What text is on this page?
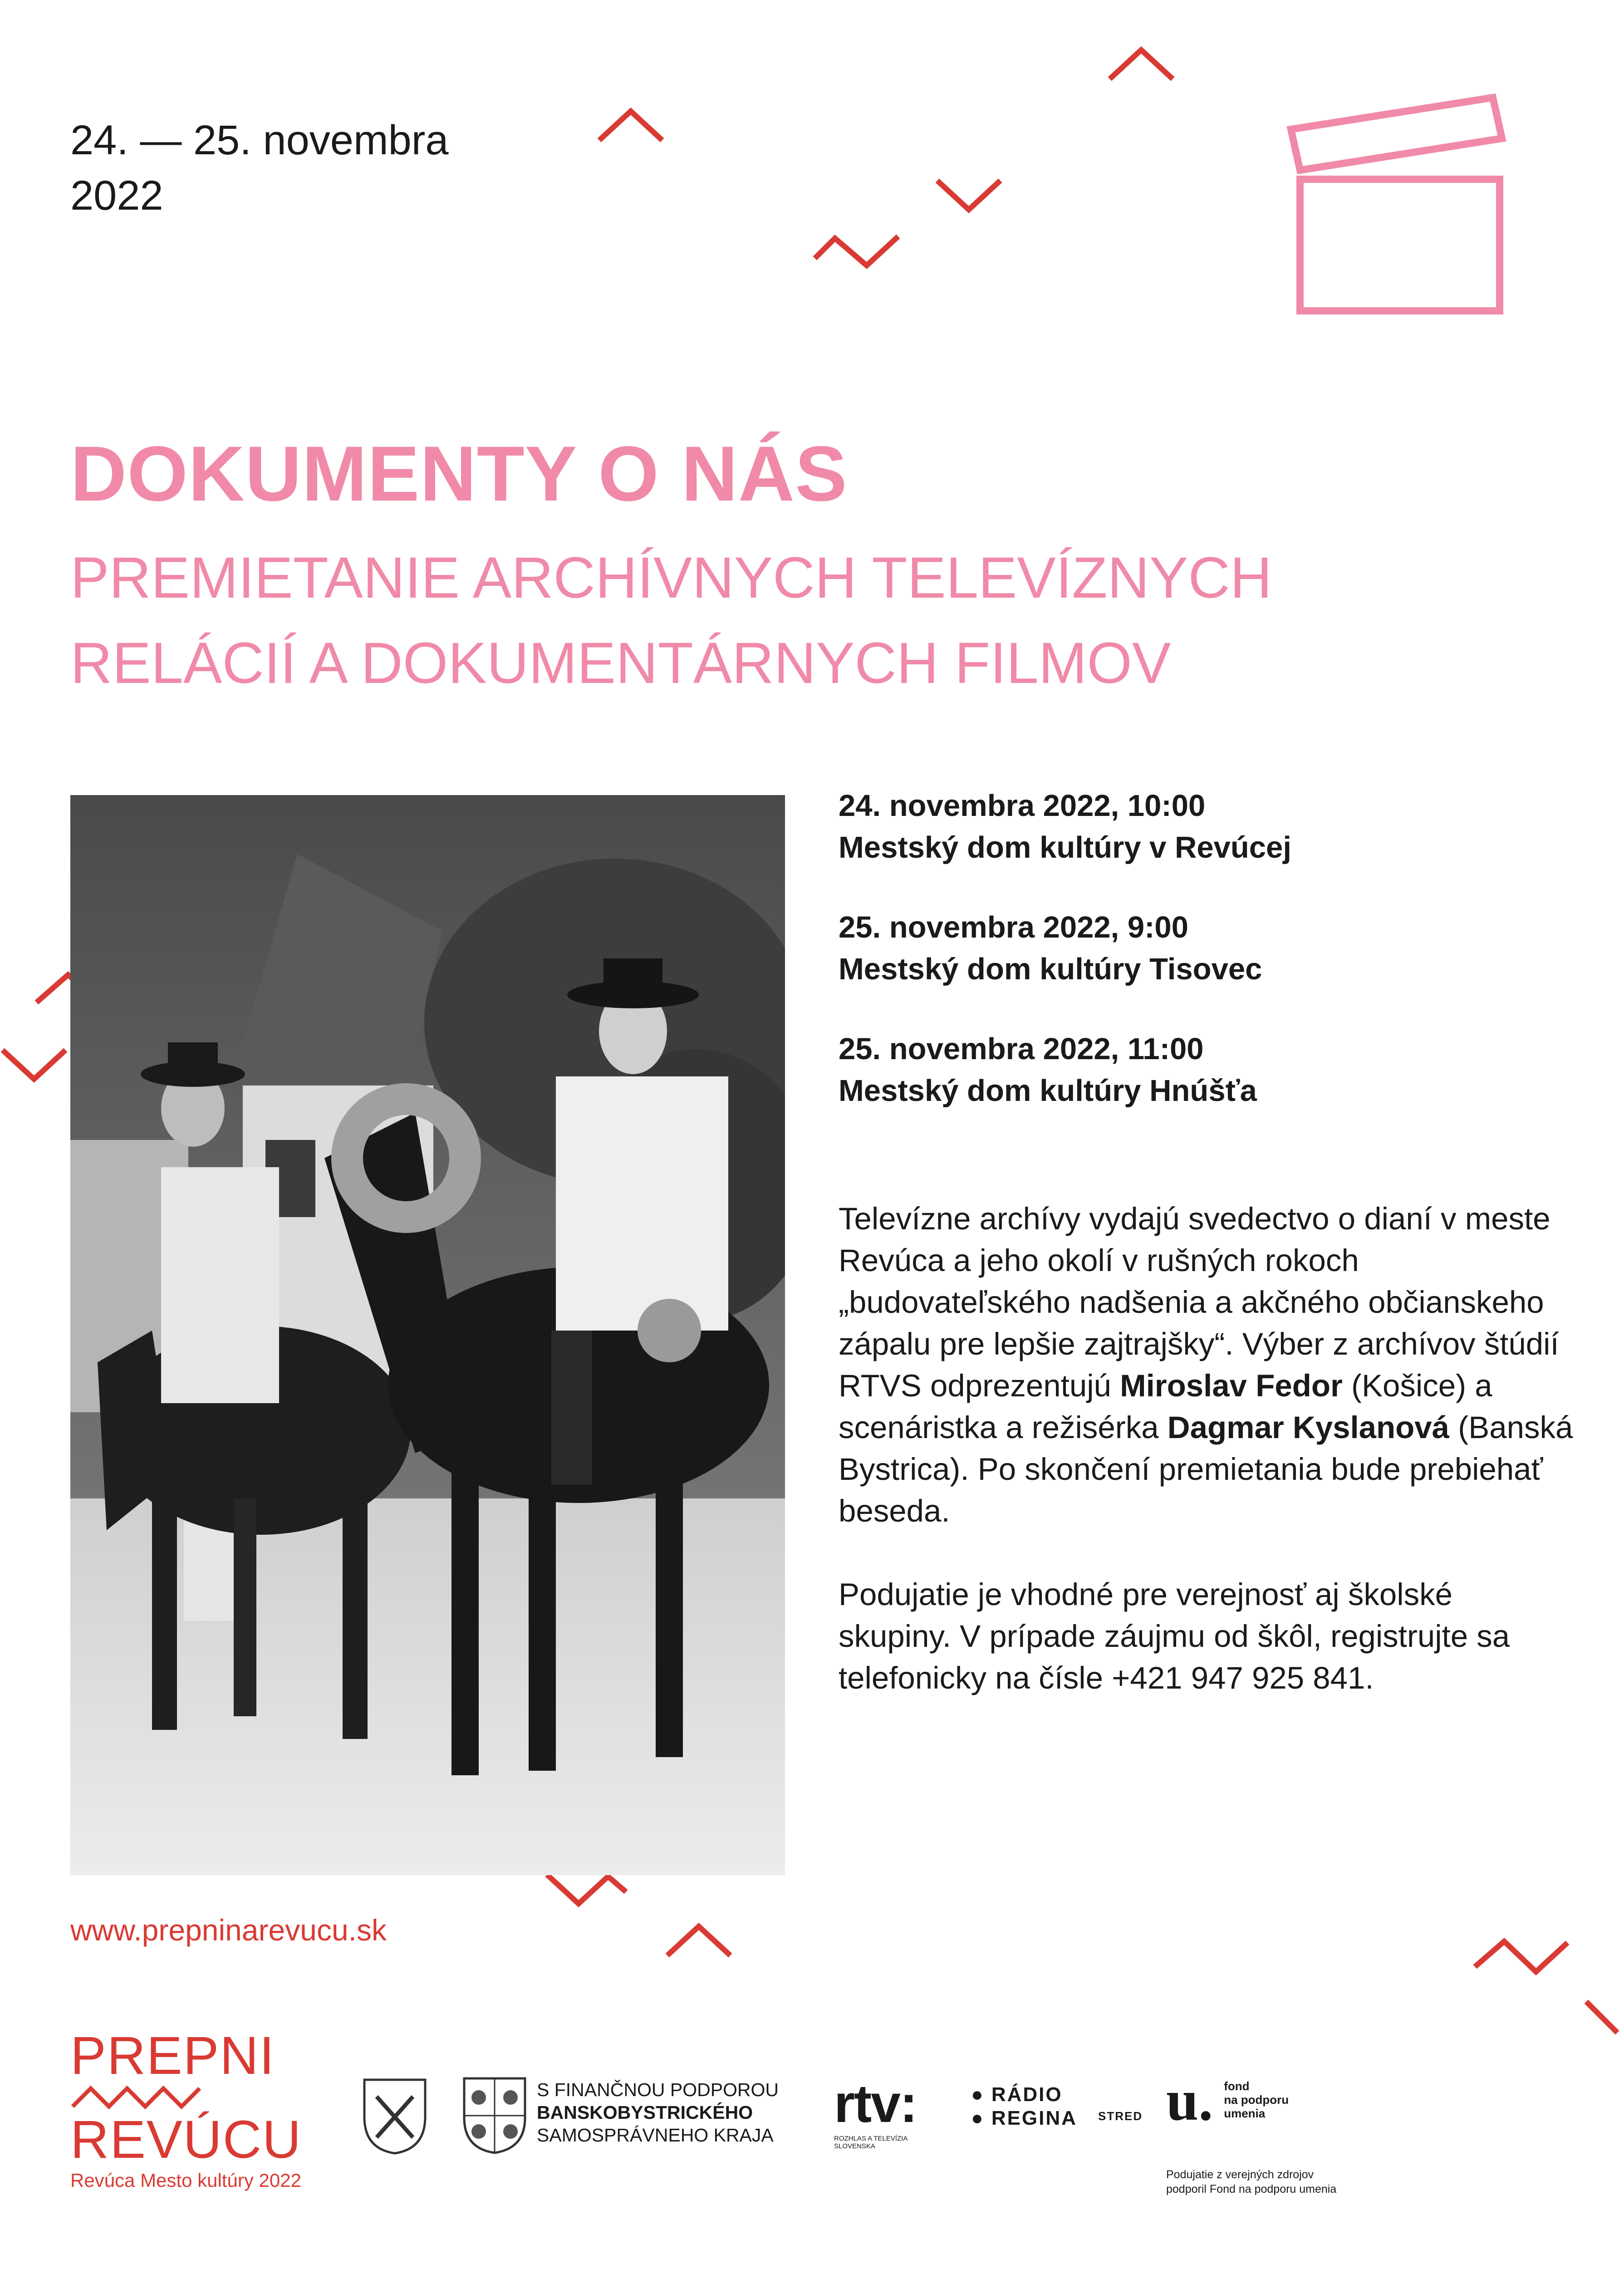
24. — 25. novembra
2022
DOKUMENTY O NÁS
PREMIETANIE ARCHÍVNYCH TELEVÍZNYCH
RELÁCIÍ A DOKUMENTÁRNYCH FILMOV
24. novembra 2022, 10:00
Mestský dom kultúry v Revúcej
25. novembra 2022, 9:00
Mestský dom kultúry Tisovec
25. novembra 2022, 11:00
Mestský dom kultúry Hnúšťa

Televízne archívy vydajú svedectvo o dianí v meste Revúca a jeho okolí v rušných rokoch „budovateľského nadšenia a akčného občianskeho zápalu pre lepšie zajtrajšky“. Výber z archívov štúdií RTVS odprezentujú Miroslav Fedor (Košice) a scenáristka a režisérka Dagmar Kyslanová (Banská Bystrica). Po skončení premietania bude prebiehať beseda.

Podujatie je vhodné pre verejnosť aj školské skupiny. V prípade záujmu od škôl, registrujte sa telefonicky na čísle +421 947 925 841.

www.prepninarevucu.sk
PREPNI
REVÚCU
Revúca Mesto kultúry 2022
S FINANČNOU PODPOROU
BANSKOBYSTRICKÉHO
SAMOSPRÁVNEHO KRAJA
rtv:
ROZHLAS A TELEVÍZIA
SLOVENSKA
● RÁDIO
● REGINA STRED u. fond
na podporu
umenia
Podujatie z verejných zdrojov podporil Fond na podporu umenia
